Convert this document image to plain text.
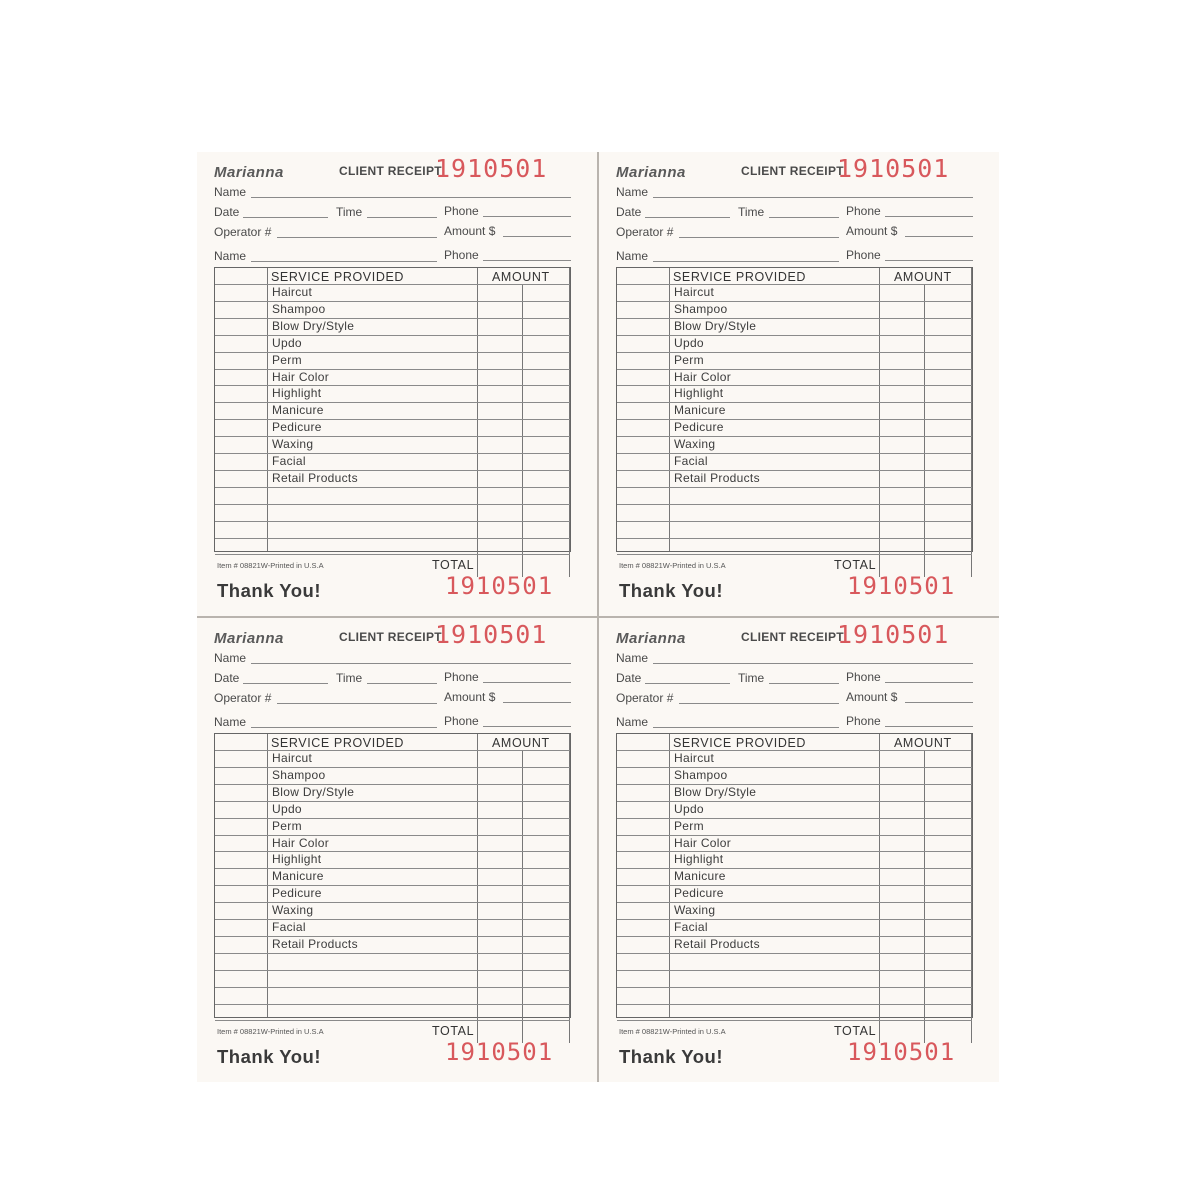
Marianna	CLIENT RECEIPT
1910501
Name
Date	Time	Phone
Operator #	Amount $
Name	Phone
SERVICE PROVIDED	AMOUNT
Haircut
Shampoo
Blow Dry/Style
Updo
Perm
Hair Color
Highlight
Manicure
Pedicure
Waxing
Facial
Retail Products
Item # 08821W-Printed in U.S.A	TOTAL
Thank You!	1910501
Marianna	CLIENT RECEIPT
1910501
Name
Date	Time	Phone
Operator #	Amount $
Name	Phone
SERVICE PROVIDED	AMOUNT
Haircut
Shampoo
Blow Dry/Style
Updo
Perm
Hair Color
Highlight
Manicure
Pedicure
Waxing
Facial
Retail Products
Item # 08821W-Printed in U.S.A	TOTAL
Thank You!	1910501
Marianna	CLIENT RECEIPT
1910501
Name
Date	Time	Phone
Operator #	Amount $
Name	Phone
SERVICE PROVIDED	AMOUNT
Haircut
Shampoo
Blow Dry/Style
Updo
Perm
Hair Color
Highlight
Manicure
Pedicure
Waxing
Facial
Retail Products
Item # 08821W-Printed in U.S.A	TOTAL
Thank You!	1910501
Marianna	CLIENT RECEIPT
1910501
Name
Date	Time	Phone
Operator #	Amount $
Name	Phone
SERVICE PROVIDED	AMOUNT
Haircut
Shampoo
Blow Dry/Style
Updo
Perm
Hair Color
Highlight
Manicure
Pedicure
Waxing
Facial
Retail Products
Item # 08821W-Printed in U.S.A	TOTAL
Thank You!	1910501
